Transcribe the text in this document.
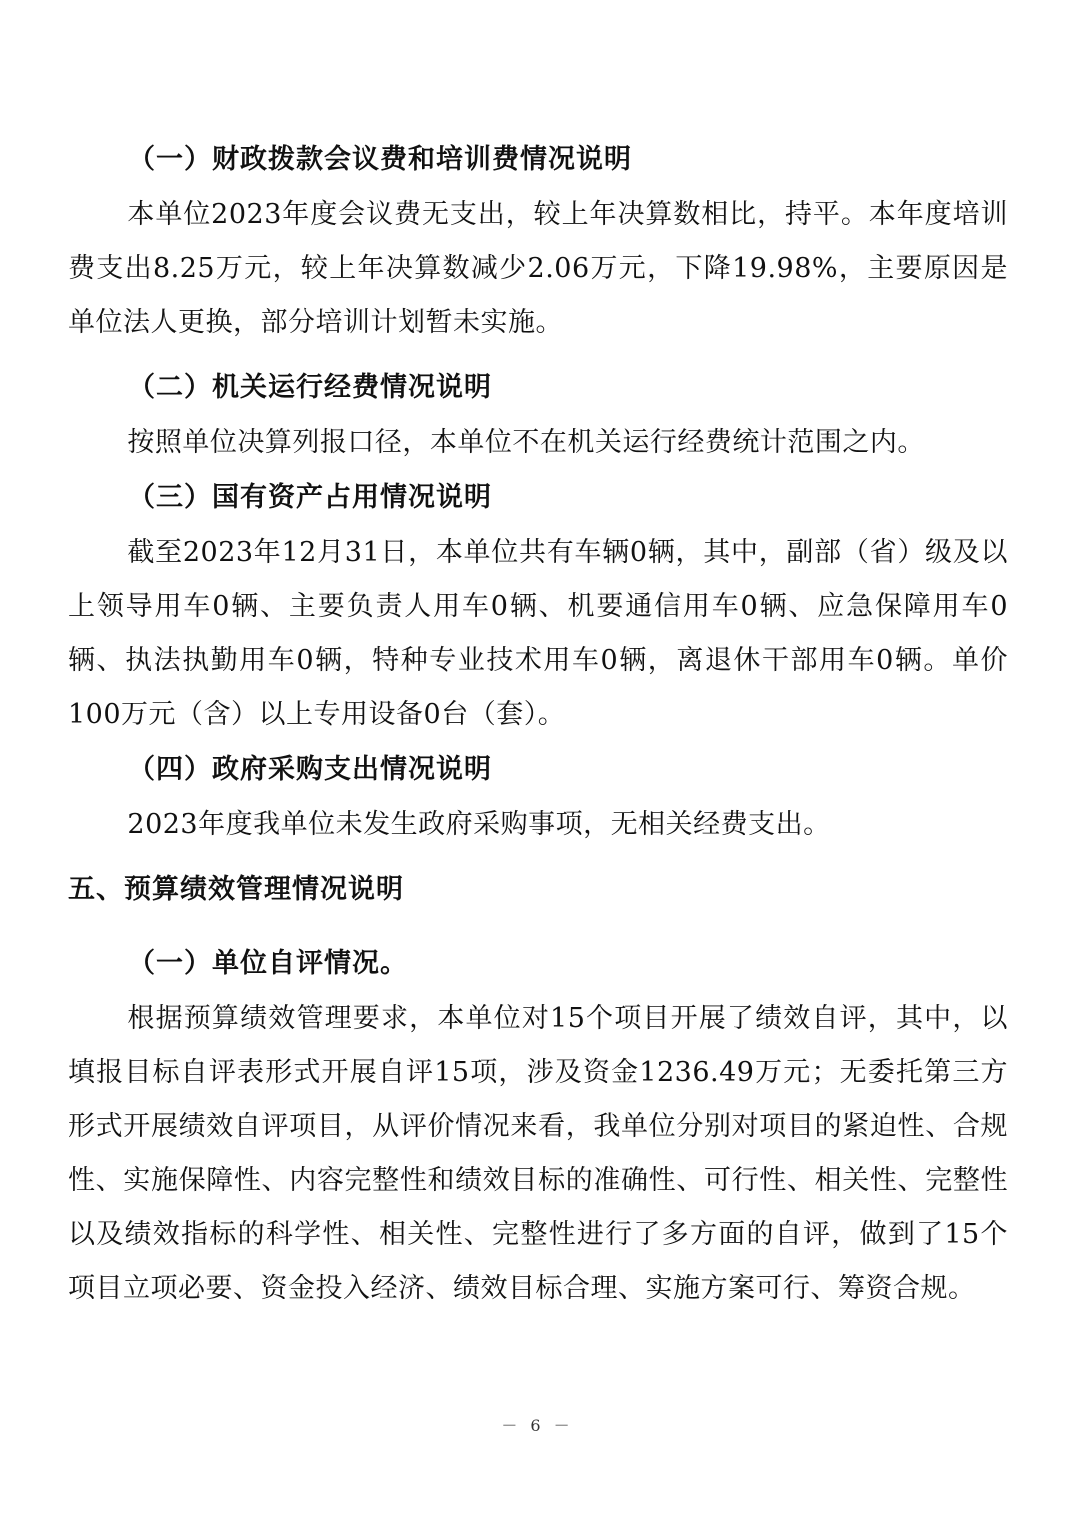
（一）财政拨款会议费和培训费情况说明

本单位2023年度会议费无支出，较上年决算数相比，持平。本年度培训费支出8.25万元，较上年决算数减少2.06万元，下降19.98%，主要原因是单位法人更换，部分培训计划暂未实施。

（二）机关运行经费情况说明

按照单位决算列报口径，本单位不在机关运行经费统计范围之内。

（三）国有资产占用情况说明

截至2023年12月31日，本单位共有车辆0辆，其中，副部（省）级及以上领导用车0辆、主要负责人用车0辆、机要通信用车0辆、应急保障用车0辆、执法执勤用车0辆，特种专业技术用车0辆，离退休干部用车0辆。单价100万元（含）以上专用设备0台（套）。

（四）政府采购支出情况说明

2023年度我单位未发生政府采购事项，无相关经费支出。

五、预算绩效管理情况说明
（一）单位自评情况。

根据预算绩效管理要求，本单位对15个项目开展了绩效自评，其中，以填报目标自评表形式开展自评15项，涉及资金1236.49万元；无委托第三方形式开展绩效自评项目，从评价情况来看，我单位分别对项目的紧迫性、合规性、实施保障性、内容完整性和绩效目标的准确性、可行性、相关性、完整性以及绩效指标的科学性、相关性、完整性进行了多方面的自评，做到了15个项目立项必要、资金投入经济、绩效目标合理、实施方案可行、筹资合规。

－ 6 －
